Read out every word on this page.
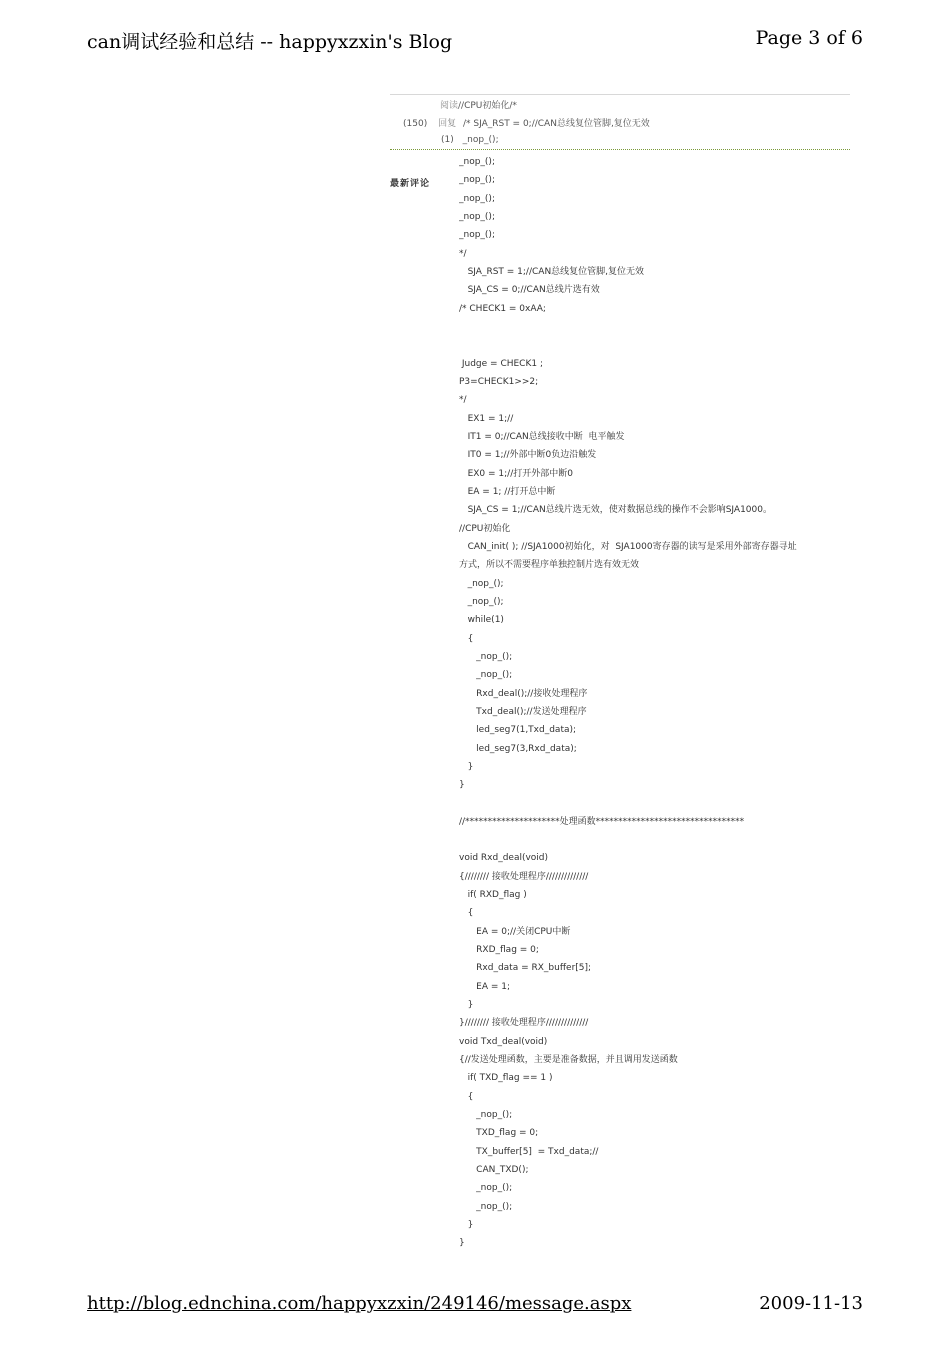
can调试经验和总结 -- happyxzxin's Blog	Page 3 of 6
阅读//CPU初始化/*
(150) 回复 /* SJA_RST = 0;//CAN总线复位管脚,复位无效
(1) _nop_();
最新评论
_nop_();
_nop_();
_nop_();
_nop_();
_nop_();
*/
SJA_RST = 1;//CAN总线复位管脚,复位无效
SJA_CS = 0;//CAN总线片选有效
/* CHECK1 = 0xAA;
Judge = CHECK1 ;
P3=CHECK1>>2;
*/
EX1 = 1;//
IT1 = 0;//CAN总线接收中断  电平触发
IT0 = 1;//外部中断0负边沿触发
EX0 = 1;//打开外部中断0
EA = 1; //打开总中断
SJA_CS = 1;//CAN总线片选无效，使对数据总线的操作不会影响SJA1000。
//CPU初始化
CAN_init( ); //SJA1000初始化，对  SJA1000寄存器的读写是采用外部寄存器寻址
方式，所以不需要程序单独控制片选有效无效
_nop_();
_nop_();
while(1)
{
_nop_();
_nop_();
Rxd_deal();//接收处理程序
Txd_deal();//发送处理程序
led_seg7(1,Txd_data);
led_seg7(3,Rxd_data);
}
}
//*********************处理函数*********************************
void Rxd_deal(void)
{//////// 接收处理程序//////////////
if( RXD_flag )
{
EA = 0;//关闭CPU中断
RXD_flag = 0;
Rxd_data = RX_buffer[5];
EA = 1;
}
}//////// 接收处理程序//////////////
void Txd_deal(void)
{//发送处理函数，主要是准备数据，并且调用发送函数
if( TXD_flag == 1 )
{
_nop_();
TXD_flag = 0;
TX_buffer[5]  = Txd_data;//
CAN_TXD();
_nop_();
_nop_();
}
}
http://blog.ednchina.com/happyxzxin/249146/message.aspx	2009-11-13
